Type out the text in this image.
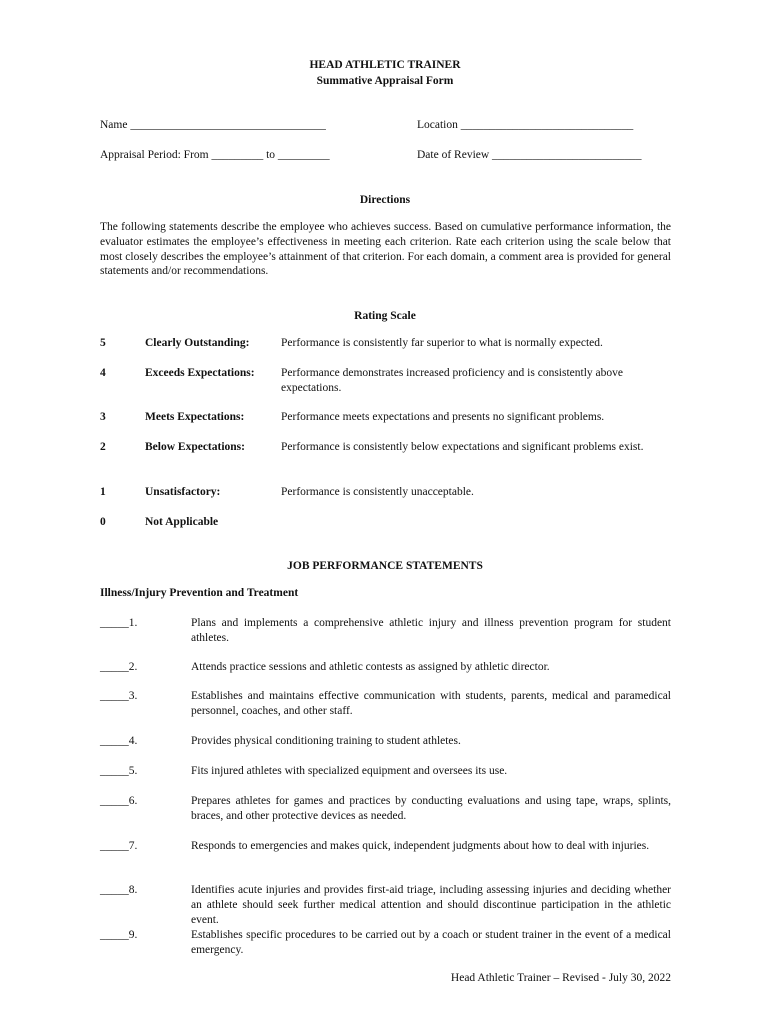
HEAD ATHLETIC TRAINER
Summative Appraisal Form
Name __________________________________	Location ______________________________
Appraisal Period: From _________ to _________	Date of Review __________________________
Directions
The following statements describe the employee who achieves success. Based on cumulative performance information, the evaluator estimates the employee’s effectiveness in meeting each criterion. Rate each criterion using the scale below that most closely describes the employee’s attainment of that criterion. For each domain, a comment area is provided for general statements and/or recommendations.
Rating Scale
5	Clearly Outstanding:	Performance is consistently far superior to what is normally expected.
4	Exceeds Expectations: Performance demonstrates increased proficiency and is consistently above expectations.
3	Meets Expectations:	Performance meets expectations and presents no significant problems.
2	Below Expectations:	Performance is consistently below expectations and significant problems exist.
1	Unsatisfactory:	Performance is consistently unacceptable.
0	Not Applicable
JOB PERFORMANCE STATEMENTS
Illness/Injury Prevention and Treatment
_____1.	Plans and implements a comprehensive athletic injury and illness prevention program for student athletes.
_____2.	Attends practice sessions and athletic contests as assigned by athletic director.
_____3.	Establishes and maintains effective communication with students, parents, medical and paramedical personnel, coaches, and other staff.
_____4.	Provides physical conditioning training to student athletes.
_____5.	Fits injured athletes with specialized equipment and oversees its use.
_____6.	Prepares athletes for games and practices by conducting evaluations and using tape, wraps, splints, braces, and other protective devices as needed.
_____7.	Responds to emergencies and makes quick, independent judgments about how to deal with injuries.
_____8.	Identifies acute injuries and provides first-aid triage, including assessing injuries and deciding whether an athlete should seek further medical attention and should discontinue participation in the athletic event.
_____9.	Establishes specific procedures to be carried out by a coach or student trainer in the event of a medical emergency.
Head Athletic Trainer – Revised - July 30, 2022
